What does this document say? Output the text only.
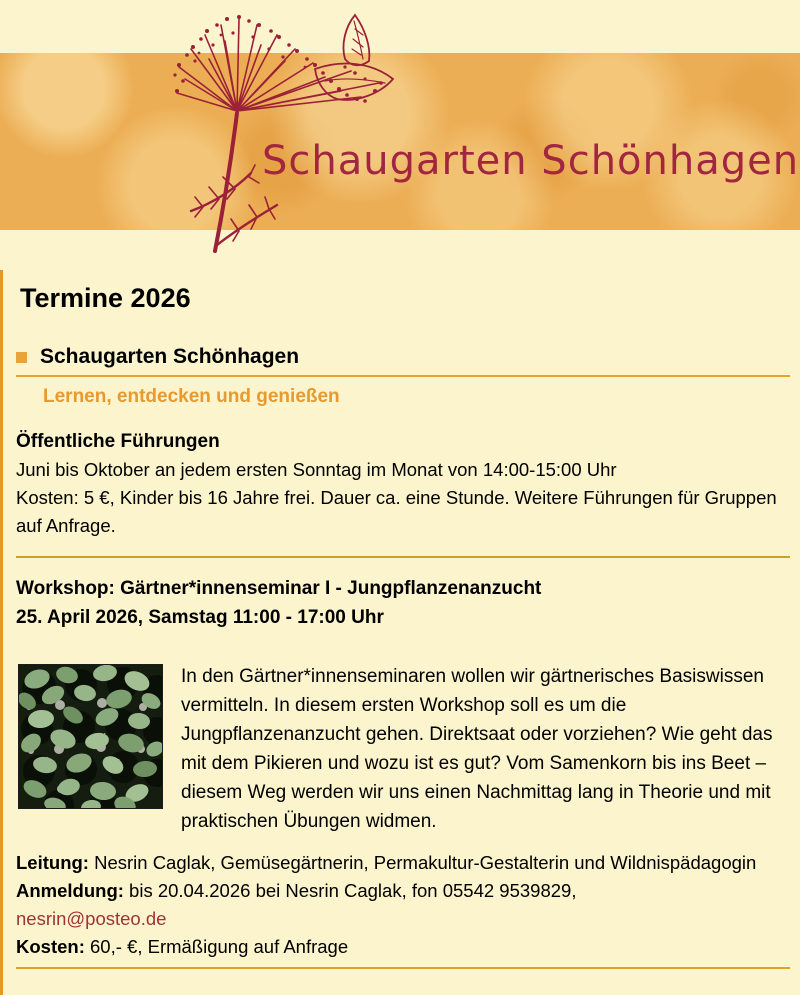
Schaugarten Schönhagen
Termine 2026
Schaugarten Schönhagen
Lernen, entdecken und genießen
Öffentliche Führungen

Juni bis Oktober an jedem ersten Sonntag im Monat von 14:00-15:00 Uhr
Kosten: 5 €, Kinder bis 16 Jahre frei. Dauer ca. eine Stunde. Weitere Führungen für Gruppen auf Anfrage.

Workshop: Gärtner*innenseminar I - Jungpflanzenanzucht
25. April 2026, Samstag 11:00 - 17:00 Uhr

In den Gärtner*innenseminaren wollen wir gärtnerisches Basiswissen vermitteln. In diesem ersten Workshop soll es um die Jungpflanzenanzucht gehen. Direktsaat oder vorziehen? Wie geht das mit dem Pikieren und wozu ist es gut? Vom Samenkorn bis ins Beet – diesem Weg werden wir uns einen Nachmittag lang in Theorie und mit praktischen Übungen widmen.

Leitung: Nesrin Caglak, Gemüsegärtnerin, Permakultur-Gestalterin und Wildnispädagogin

Anmeldung: bis 20.04.2026 bei Nesrin Caglak, fon 05542 9539829,

nesrin@posteo.de

Kosten: 60,- €, Ermäßigung auf Anfrage
